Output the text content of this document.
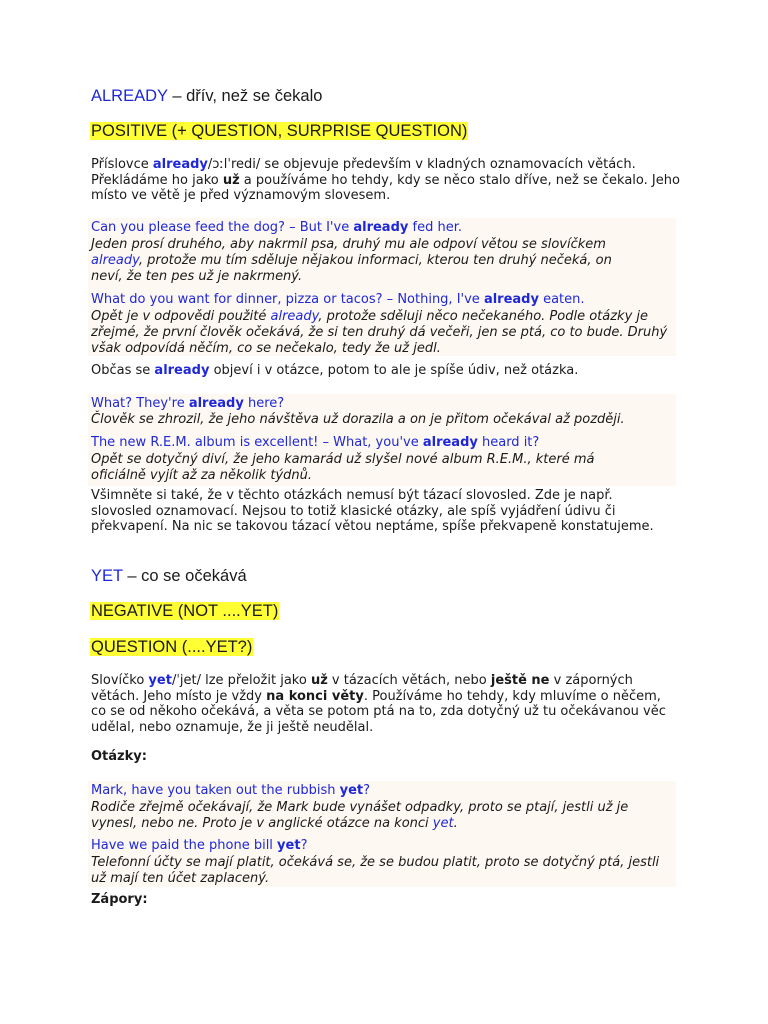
ALREADY – dřív, než se čekalo
POSITIVE (+ QUESTION, SURPRISE QUESTION)
Příslovce already/ɔːlˈredi/ se objevuje především v kladných oznamovacích větách. Překládáme ho jako už a používáme ho tehdy, kdy se něco stalo dříve, než se čekalo. Jeho místo ve větě je před významovým slovesem.
Can you please feed the dog? – But I've already fed her.
Jeden prosí druhého, aby nakrmil psa, druhý mu ale odpoví větou se slovíčkem already, protože mu tím sděluje nějakou informaci, kterou ten druhý nečeká, on neví, že ten pes už je nakrmený.
What do you want for dinner, pizza or tacos? – Nothing, I've already eaten.
Opět je v odpovědi použité already, protože sděluji něco nečekaného. Podle otázky je zřejmé, že první člověk očekává, že si ten druhý dá večeři, jen se ptá, co to bude. Druhý však odpovídá něčím, co se nečekalo, tedy že už jedl.
Občas se already objeví i v otázce, potom to ale je spíše údiv, než otázka.
What? They're already here?
Člověk se zhrozil, že jeho návštěva už dorazila a on je přitom očekával až později.
The new R.E.M. album is excellent! – What, you've already heard it?
Opět se dotyčný diví, že jeho kamarád už slyšel nové album R.E.M., které má oficiálně vyjít až za několik týdnů.
Všimněte si také, že v těchto otázkách nemusí být tázací slovosled. Zde je např. slovosled oznamovací. Nejsou to totiž klasické otázky, ale spíš vyjádření údivu či překvapení. Na nic se takovou tázací větou neptáme, spíše překvapeně konstatujeme.
YET – co se očekává
NEGATIVE (NOT ....YET)
QUESTION (....YET?)
Slovíčko yet/ˈjet/ lze přeložit jako už v tázacích větách, nebo ještě ne v záporných větách. Jeho místo je vždy na konci věty. Používáme ho tehdy, kdy mluvíme o něčem, co se od někoho očekává, a věta se potom ptá na to, zda dotyčný už tu očekávanou věc udělal, nebo oznamuje, že ji ještě neudělal.
Otázky:
Mark, have you taken out the rubbish yet?
Rodiče zřejmě očekávají, že Mark bude vynášet odpadky, proto se ptají, jestli už je vynesl, nebo ne. Proto je v anglické otázce na konci yet.
Have we paid the phone bill yet?
Telefonní účty se mají platit, očekává se, že se budou platit, proto se dotyčný ptá, jestli už mají ten účet zaplacený.
Zápory:
